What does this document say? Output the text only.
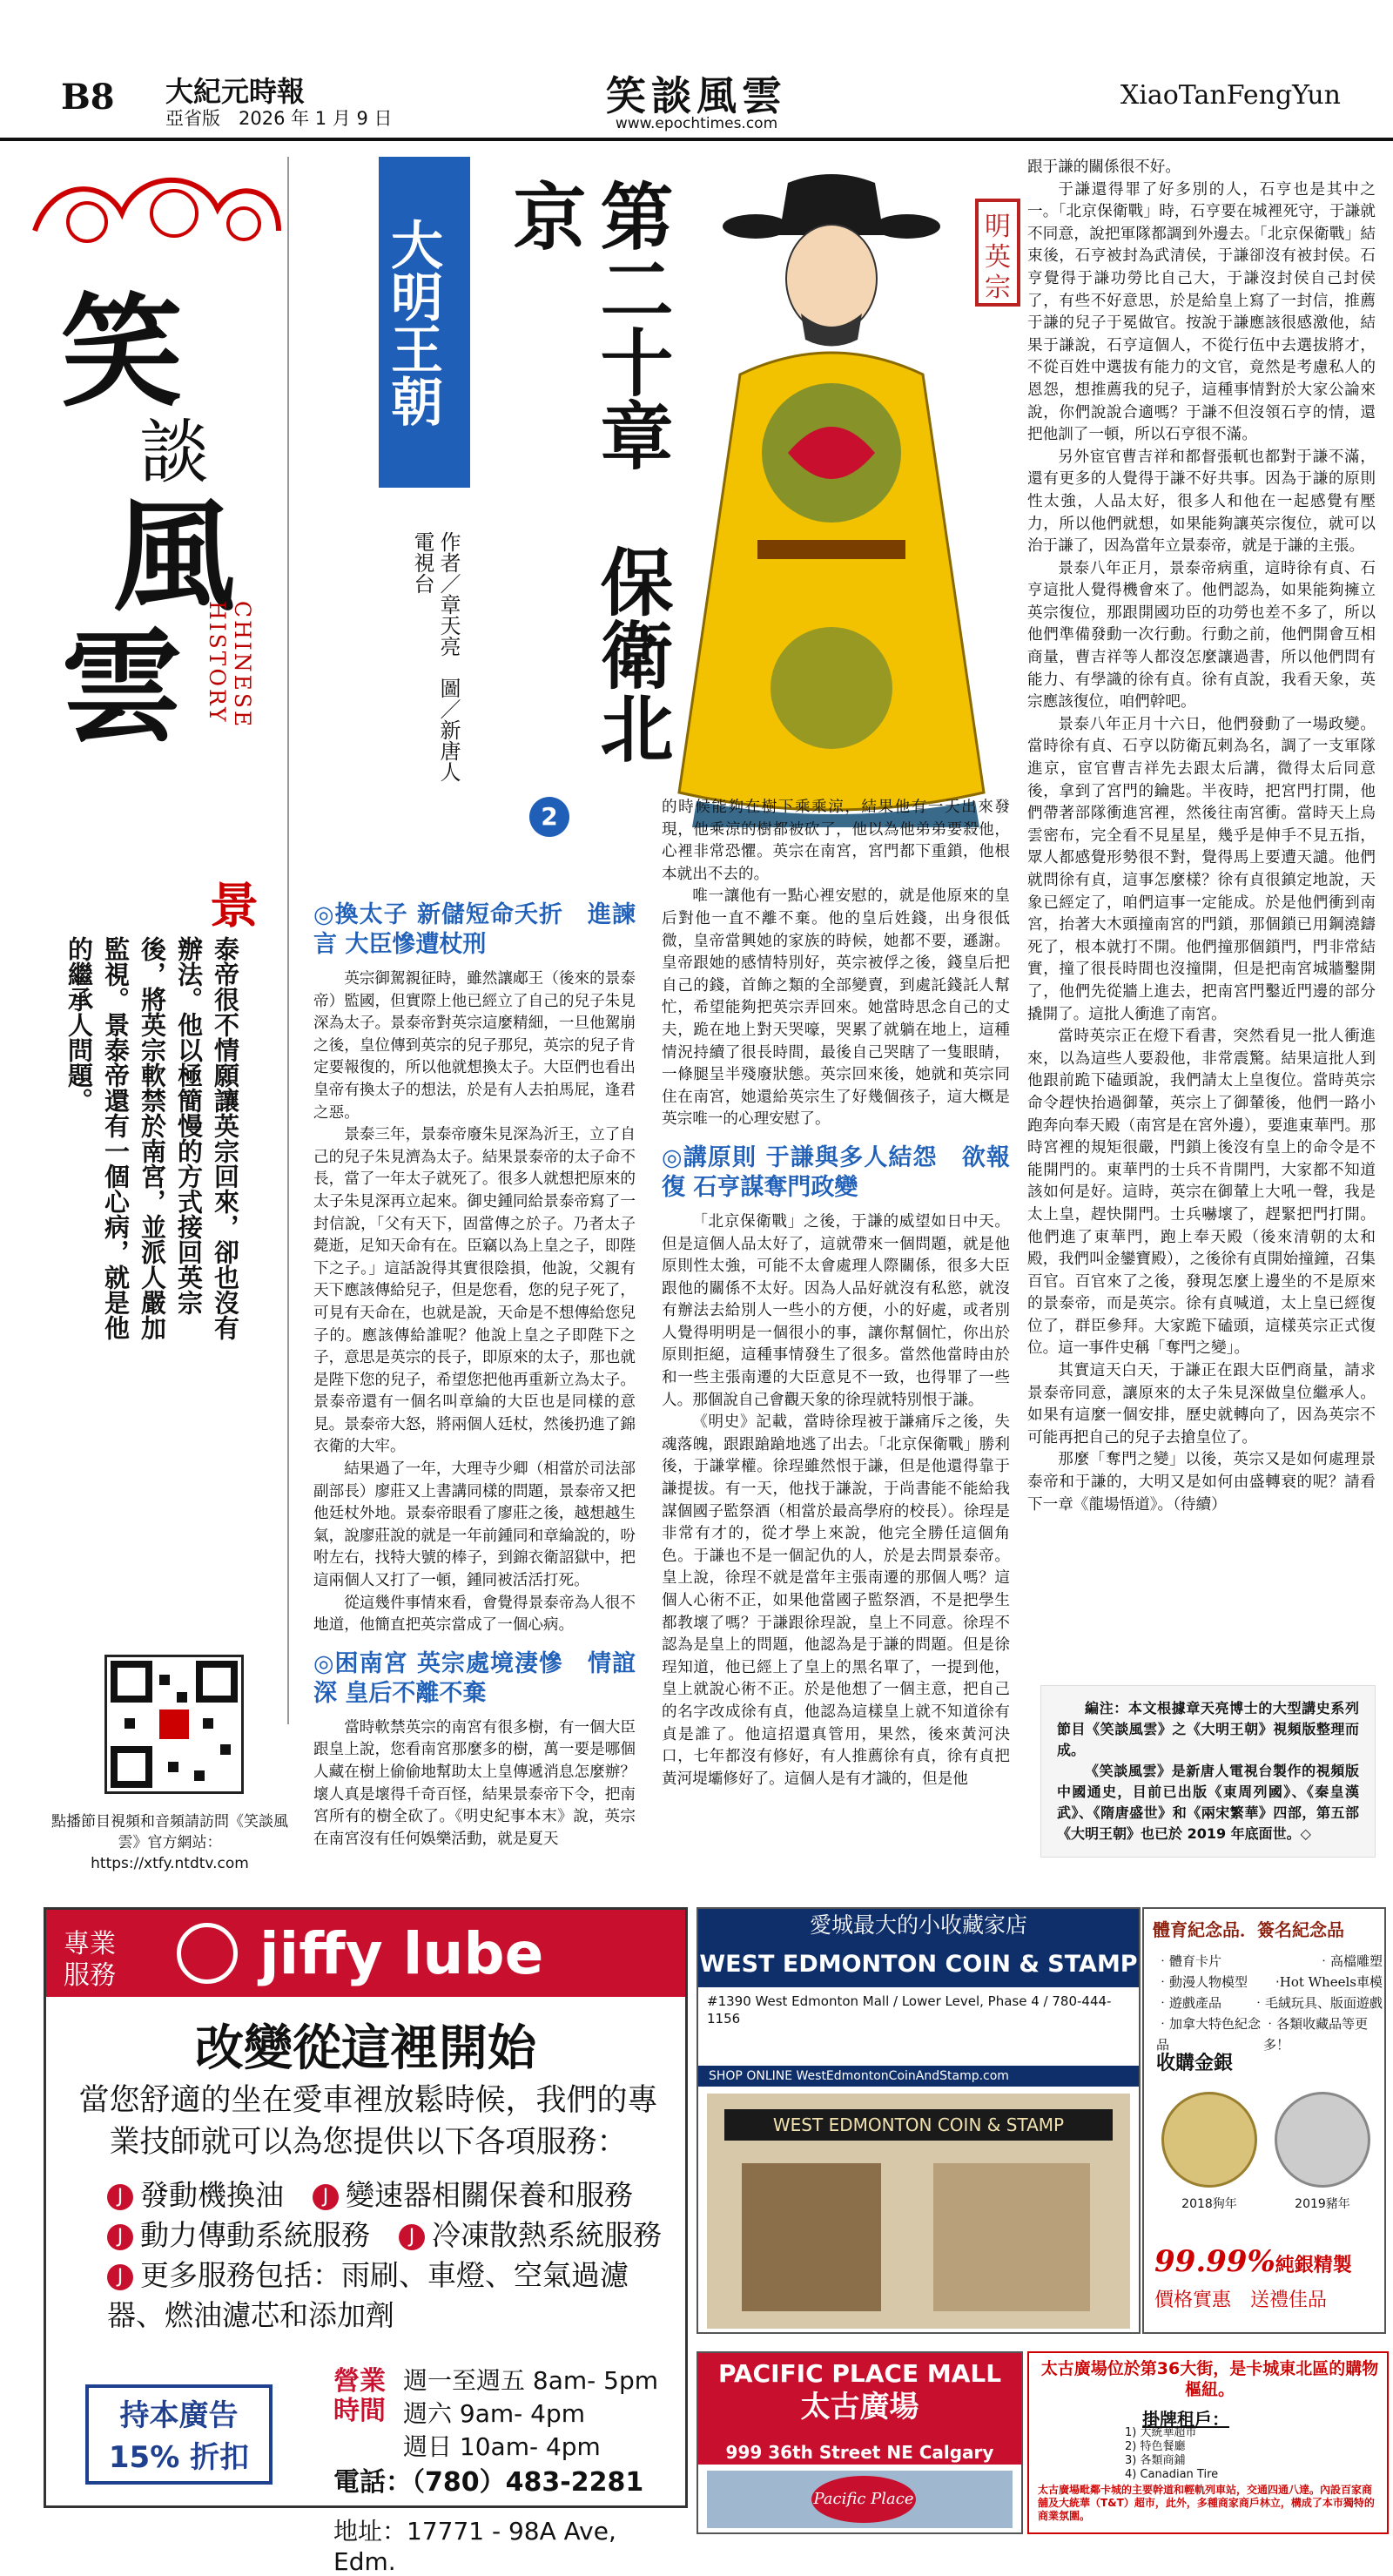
B8 大紀元時報
亞省版　 2026 年 1 月 9 日	笑談風雲
www.epochtimes.com
XiaoTanFengYun
笑
談
風
雲	CHINESE HISTORY
景
泰帝很不情願讓英宗回來，卻也沒有辦法。他以極簡慢的方式接回英宗後，將英宗軟禁於南宮，並派人嚴加監視。景泰帝還有一個心病，就是他的繼承人問題。
點播節目視頻和音頻請訪問《笑談風雲》官方網站：https://xtfy.ntdtv.com
大明王朝	第二十章　保衛北京
作者／章天亮　圖／新唐人電視台
2
明
英
宗
◎換太子 新儲短命夭折　進諫言 大臣慘遭杖刑

英宗御駕親征時，雖然讓郕王（後來的景泰帝）監國，但實際上他已經立了自己的兒子朱見深為太子。景泰帝對英宗這麼精細，一旦他駕崩之後，皇位傳到英宗的兒子那兒，英宗的兒子肯定要報復的，所以他就想換太子。大臣們也看出皇帝有換太子的想法，於是有人去拍馬屁，逢君之惡。

景泰三年，景泰帝廢朱見深為沂王，立了自己的兒子朱見濟為太子。結果景泰帝的太子命不長，當了一年太子就死了。很多人就想把原來的太子朱見深再立起來。御史鍾同給景泰帝寫了一封信說，「父有天下，固當傳之於子。乃者太子薨逝，足知天命有在。臣竊以為上皇之子，即陛下之子。」這話說得其實很陰損，他說，父親有天下應該傳給兒子，但是您看，您的兒子死了，可見有天命在，也就是說，天命是不想傳給您兒子的。應該傳給誰呢？他說上皇之子即陛下之子，意思是英宗的長子，即原來的太子，那也就是陛下您的兒子，希望您把他再重新立為太子。景泰帝還有一個名叫章綸的大臣也是同樣的意見。景泰帝大怒，將兩個人廷杖，然後扔進了錦衣衛的大牢。

結果過了一年，大理寺少卿（相當於司法部副部長）廖莊又上書講同樣的問題，景泰帝又把他廷杖外地。景泰帝眼看了廖莊之後，越想越生氣，說廖莊說的就是一年前鍾同和章綸說的，吩咐左右，找特大號的棒子，到錦衣衛詔獄中，把這兩個人又打了一頓，鍾同被活活打死。

從這幾件事情來看，會覺得景泰帝為人很不地道，他簡直把英宗當成了一個心病。

◎困南宮 英宗處境淒慘　情誼深 皇后不離不棄

當時軟禁英宗的南宮有很多樹，有一個大臣跟皇上說，您看南宮那麼多的樹，萬一要是哪個人藏在樹上偷偷地幫助太上皇傳遞消息怎麼辦？壞人真是壞得千奇百怪，結果景泰帝下令，把南宮所有的樹全砍了。《明史紀事本末》說，英宗在南宮沒有任何娛樂活動，就是夏天

的時候能夠在樹下乘乘涼，結果他有一天出來發現，他乘涼的樹都被砍了，他以為他弟弟要殺他，心裡非常恐懼。英宗在南宮，宮門都下重鎖，他根本就出不去的。

唯一讓他有一點心裡安慰的，就是他原來的皇后對他一直不離不棄。他的皇后姓錢，出身很低微，皇帝當興她的家族的時候，她都不要，遜謝。皇帝跟她的感情特別好，英宗被俘之後，錢皇后把自己的錢，首飾之類的全部變賣，到處託錢託人幫忙，希望能夠把英宗弄回來。她當時思念自己的丈夫，跪在地上對天哭嚎，哭累了就躺在地上，這種情況持續了很長時間，最後自己哭瞎了一隻眼睛，一條腿呈半殘廢狀態。英宗回來後，她就和英宗同住在南宮，她還給英宗生了好幾個孩子，這大概是英宗唯一的心理安慰了。

◎講原則 于謙與多人結怨　欲報復 石亨謀奪門政變

「北京保衛戰」之後，于謙的威望如日中天。但是這個人品太好了，這就帶來一個問題，就是他原則性太強，可能不太會處理人際關係，很多大臣跟他的關係不太好。因為人品好就沒有私慾，就沒有辦法去給別人一些小的方便，小的好處，或者別人覺得明明是一個很小的事，讓你幫個忙，你出於原則拒絕，這種事情發生了很多。當然他當時由於和一些主張南遷的大臣意見不一致，也得罪了一些人。那個說自己會觀天象的徐珵就特別恨于謙。

《明史》記載，當時徐珵被于謙痛斥之後，失魂落魄，跟跟蹌蹌地逃了出去。「北京保衛戰」勝利後，于謙掌權。徐珵雖然恨于謙，但是他還得靠于謙提拔。有一天，他找于謙說，于尚書能不能給我謀個國子監祭酒（相當於最高學府的校長）。徐珵是非常有才的，從才學上來說，他完全勝任這個角色。于謙也不是一個記仇的人，於是去問景泰帝。皇上說，徐珵不就是當年主張南遷的那個人嗎？這個人心術不正，如果他當國子監祭酒，不是把學生都教壞了嗎？于謙跟徐珵說，皇上不同意。徐珵不認為是皇上的問題，他認為是于謙的問題。但是徐珵知道，他已經上了皇上的黑名單了，一提到他，皇上就說心術不正。於是他想了一個主意，把自己的名字改成徐有貞，他認為這樣皇上就不知道徐有貞是誰了。他這招還真管用，果然，後來黃河決口，七年都沒有修好，有人推薦徐有貞，徐有貞把黃河堤壩修好了。這個人是有才識的，但是他

跟于謙的關係很不好。

于謙還得罪了好多別的人，石亨也是其中之一。「北京保衛戰」時，石亨要在城裡死守，于謙就不同意，說把軍隊都調到外邊去。「北京保衛戰」結束後，石亨被封為武清侯，于謙卻沒有被封侯。石亨覺得于謙功勞比自己大，于謙沒封侯自己封侯了，有些不好意思，於是給皇上寫了一封信，推薦于謙的兒子于冕做官。按說于謙應該很感激他，結果于謙說，石亨這個人，不從行伍中去選拔將才，不從百姓中選拔有能力的文官，竟然是考慮私人的恩怨，想推薦我的兒子，這種事情對於大家公論來說，你們說說合適嗎？于謙不但沒領石亨的情，還把他訓了一頓，所以石亨很不滿。

另外宦官曹吉祥和都督張軏也都對于謙不滿，還有更多的人覺得于謙不好共事。因為于謙的原則性太強，人品太好，很多人和他在一起感覺有壓力，所以他們就想，如果能夠讓英宗復位，就可以治于謙了，因為當年立景泰帝，就是于謙的主張。

景泰八年正月，景泰帝病重，這時徐有貞、石亨這批人覺得機會來了。他們認為，如果能夠擁立英宗復位，那跟開國功臣的功勞也差不多了，所以他們準備發動一次行動。行動之前，他們開會互相商量，曹吉祥等人都沒怎麼讓過書，所以他們問有能力、有學識的徐有貞。徐有貞說，我看天象，英宗應該復位，咱們幹吧。

景泰八年正月十六日，他們發動了一場政變。當時徐有貞、石亨以防衛瓦剌為名，調了一支軍隊進京，宦官曹吉祥先去跟太后講，微得太后同意後，拿到了宮門的鑰匙。半夜時，把宮門打開，他們帶著部隊衝進宮裡，然後往南宮衝。當時天上烏雲密布，完全看不見星星，幾乎是伸手不見五指，眾人都感覺形勢很不對，覺得馬上要遭天譴。他們就問徐有貞，這事怎麼樣？徐有貞很鎮定地說，天象已經定了，咱們這事一定能成。於是他們衝到南宮，抬著大木頭撞南宮的門鎖，那個鎖已用鋼澆鑄死了，根本就打不開。他們撞那個鎖門，門非常結實，撞了很長時間也沒撞開，但是把南宮城牆鑿開了，他們先從牆上進去，把南宮門鑿近門邊的部分撬開了。這批人衝進了南宮。

當時英宗正在燈下看書，突然看見一批人衝進來，以為這些人要殺他，非常震驚。結果這批人到他跟前跪下磕頭說，我們請太上皇復位。當時英宗命令趕快抬過御輦，英宗上了御輦後，他們一路小跑奔向奉天殿（南宮是在宮外邊），要進東華門。那時宮裡的規矩很嚴，門鎖上後沒有皇上的命令是不能開門的。東華門的士兵不肯開門，大家都不知道該如何是好。這時，英宗在御輦上大吼一聲，我是太上皇，趕快開門。士兵嚇壞了，趕緊把門打開。他們進了東華門，跑上奉天殿（後來清朝的太和殿，我們叫金鑾寶殿），之後徐有貞開始撞鐘，召集百官。百官來了之後，發現怎麼上邊坐的不是原來的景泰帝，而是英宗。徐有貞喊道，太上皇已經復位了，群臣參拜。大家跪下磕頭，這樣英宗正式復位。這一事件史稱「奪門之變」。

其實這天白天，于謙正在跟大臣們商量，請求景泰帝同意，讓原來的太子朱見深做皇位繼承人。如果有這麼一個安排，歷史就轉向了，因為英宗不可能再把自己的兒子去搶皇位了。

那麼「奪門之變」以後，英宗又是如何處理景泰帝和于謙的，大明又是如何由盛轉衰的呢？請看下一章《龍場悟道》。（待續）

編注：本文根據章天亮博士的大型講史系列節目《笑談風雲》之《大明王朝》視頻版整理而成。

《笑談風雲》是新唐人電視台製作的視頻版中國通史，目前已出版《東周列國》、《秦皇漢武》、《隋唐盛世》和《兩宋繁華》四部，第五部《大明王朝》也已於 2019 年底面世。◇

專業
服務	jiffy lube
改變從這裡開始
當您舒適的坐在愛車裡放鬆時候，我們的專業技師就可以為您提供以下各項服務：
J 發動機換油　 J 變速器相關保養和服務
J 動力傳動系統服務　 J 冷凍散熱系統服務
J 更多服務包括：雨刷、車燈、空氣過濾器、燃油濾芯和添加劑
持本廣告
15% 折扣
營業時間
週一至週五 8am- 5pm
週六 9am- 4pm
週日 10am- 4pm
電話：（780）483-2281
地址：17771 - 98A Ave, Edm.
愛城最大的小收藏家店
WEST EDMONTON COIN & STAMP
#1390 West Edmonton Mall / Lower Level, Phase 4 / 780-444-1156
SHOP ONLINE WestEdmontonCoinAndStamp.com
WEST EDMONTON COIN & STAMP
體育紀念品．簽名紀念品
‧體育卡片	‧高檔雕塑
‧動漫人物模型 ‧Hot Wheels車模
‧遊戲產品 ‧毛絨玩具、版面遊戲
‧加拿大特色紀念品
‧各類收藏品等更多！
收購金銀
2018狗年	2019豬年
99.99%純銀精製
價格實惠　送禮佳品
PACIFIC PLACE MALL
太古廣場
999 36th Street NE Calgary
Pacific Place
太古廣場位於第36大街，是卡城東北區的購物樞紐。
掛牌租戶：
1) 大統華超市
2) 特色餐廳
3) 各類商鋪
4) Canadian Tire
太古廣場毗鄰卡城的主要幹道和輕軌列車站，交通四通八達。內設百家商舖及大統華（T&T）超市，此外，多種商家商戶林立，構成了本市獨特的商業氛圍。
